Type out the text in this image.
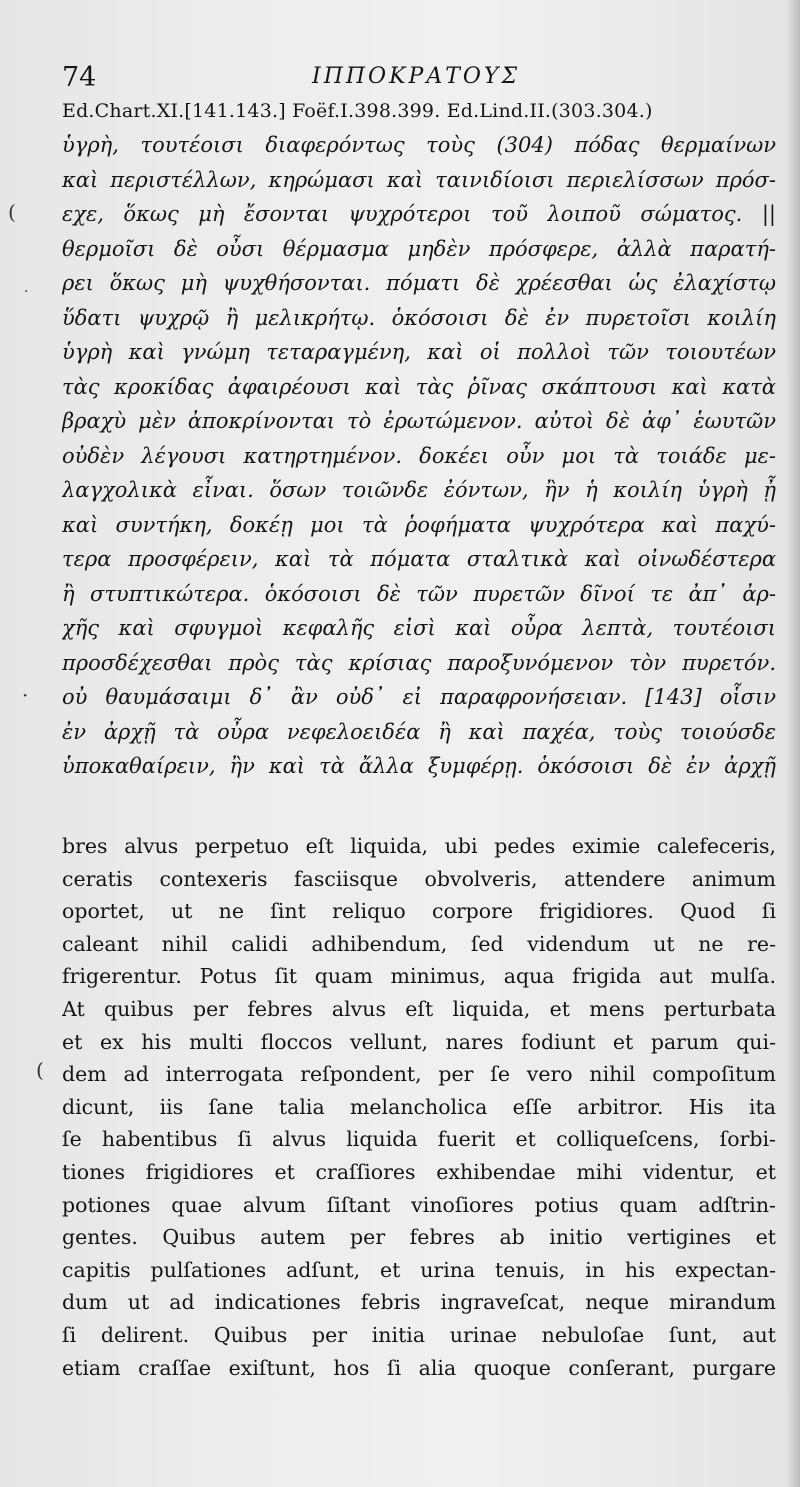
74	ΙΠΠΟΚΡΑΤΟΥΣ
Ed.Chart.XI.[141.143.] Foëf.I.398.399. Ed.Lind.II.(303.304.)
(
·
·
(
ὑγρὴ, τουτέοισι διαφερόντως τοὺς (304) πόδας θερμαίνων
καὶ περιστέλλων, κηρώμασι καὶ ταινιδίοισι περιελίσσων πρόσ-
εχε, ὅκως μὴ ἔσονται ψυχρότεροι τοῦ λοιποῦ σώματος. ||
θερμοῖσι δὲ οὖσι θέρμασμα μηδὲν πρόσφερε, ἀλλὰ παρατή-
ρει ὅκως μὴ ψυχθήσονται. πόματι δὲ χρέεσθαι ὡς ἐλαχίστῳ
ὕδατι ψυχρῷ ἢ μελικρήτῳ. ὁκόσοισι δὲ ἐν πυρετοῖσι κοιλίη
ὑγρὴ καὶ γνώμη τεταραγμένη, καὶ οἱ πολλοὶ τῶν τοιουτέων
τὰς κροκίδας ἀφαιρέουσι καὶ τὰς ῥῖνας σκάπτουσι καὶ κατὰ
βραχὺ μὲν ἀποκρίνονται τὸ ἐρωτώμενον. αὐτοὶ δὲ ἀφ᾽ ἑωυτῶν
οὐδὲν λέγουσι κατηρτημένον. δοκέει οὖν μοι τὰ τοιάδε με-
λαγχολικὰ εἶναι. ὅσων τοιῶνδε ἐόντων, ἢν ἡ κοιλίη ὑγρὴ ᾖ
καὶ συντήκη, δοκέῃ μοι τὰ ῥοφήματα ψυχρότερα καὶ παχύ-
τερα προσφέρειν, καὶ τὰ πόματα σταλτικὰ καὶ οἰνωδέστερα
ἢ στυπτικώτερα. ὁκόσοισι δὲ τῶν πυρετῶν δῖνοί τε ἀπ᾽ ἀρ-
χῆς καὶ σφυγμοὶ κεφαλῆς εἰσὶ καὶ οὖρα λεπτὰ, τουτέοισι
προσδέχεσθαι πρὸς τὰς κρίσιας παροξυνόμενον τὸν πυρετόν.
οὐ θαυμάσαιμι δ᾽ ἂν οὐδ᾽ εἰ παραφρονήσειαν. [143] οἷσιν
ἐν ἀρχῇ τὰ οὖρα νεφελοειδέα ἢ καὶ παχέα, τοὺς τοιούσδε
ὑποκαθαίρειν, ἢν καὶ τὰ ἄλλα ξυμφέρῃ. ὁκόσοισι δὲ ἐν ἀρχῇ
bres alvus perpetuo eſt liquida, ubi pedes eximie calefeceris,
ceratis contexeris fasciisque obvolveris, attendere animum
oportet, ut ne ſint reliquo corpore frigidiores. Quod ſi
caleant nihil calidi adhibendum, ſed videndum ut ne re-
frigerentur. Potus ſit quam minimus, aqua frigida aut mulſa.
At quibus per febres alvus eſt liquida, et mens perturbata
et ex his multi floccos vellunt, nares fodiunt et parum qui-
dem ad interrogata reſpondent, per ſe vero nihil compoſitum
dicunt, iis ſane talia melancholica eſſe arbitror. His ita
ſe habentibus ſi alvus liquida fuerit et colliqueſcens, ſorbi-
tiones frigidiores et craſſiores exhibendae mihi videntur, et
potiones quae alvum ſiſtant vinoſiores potius quam adſtrin-
gentes. Quibus autem per febres ab initio vertigines et
capitis pulſationes adſunt, et urina tenuis, in his expectan-
dum ut ad indicationes febris ingraveſcat, neque mirandum
ſi delirent. Quibus per initia urinae nebuloſae ſunt, aut
etiam craſſae exiſtunt, hos ſi alia quoque conſerant, purgare
